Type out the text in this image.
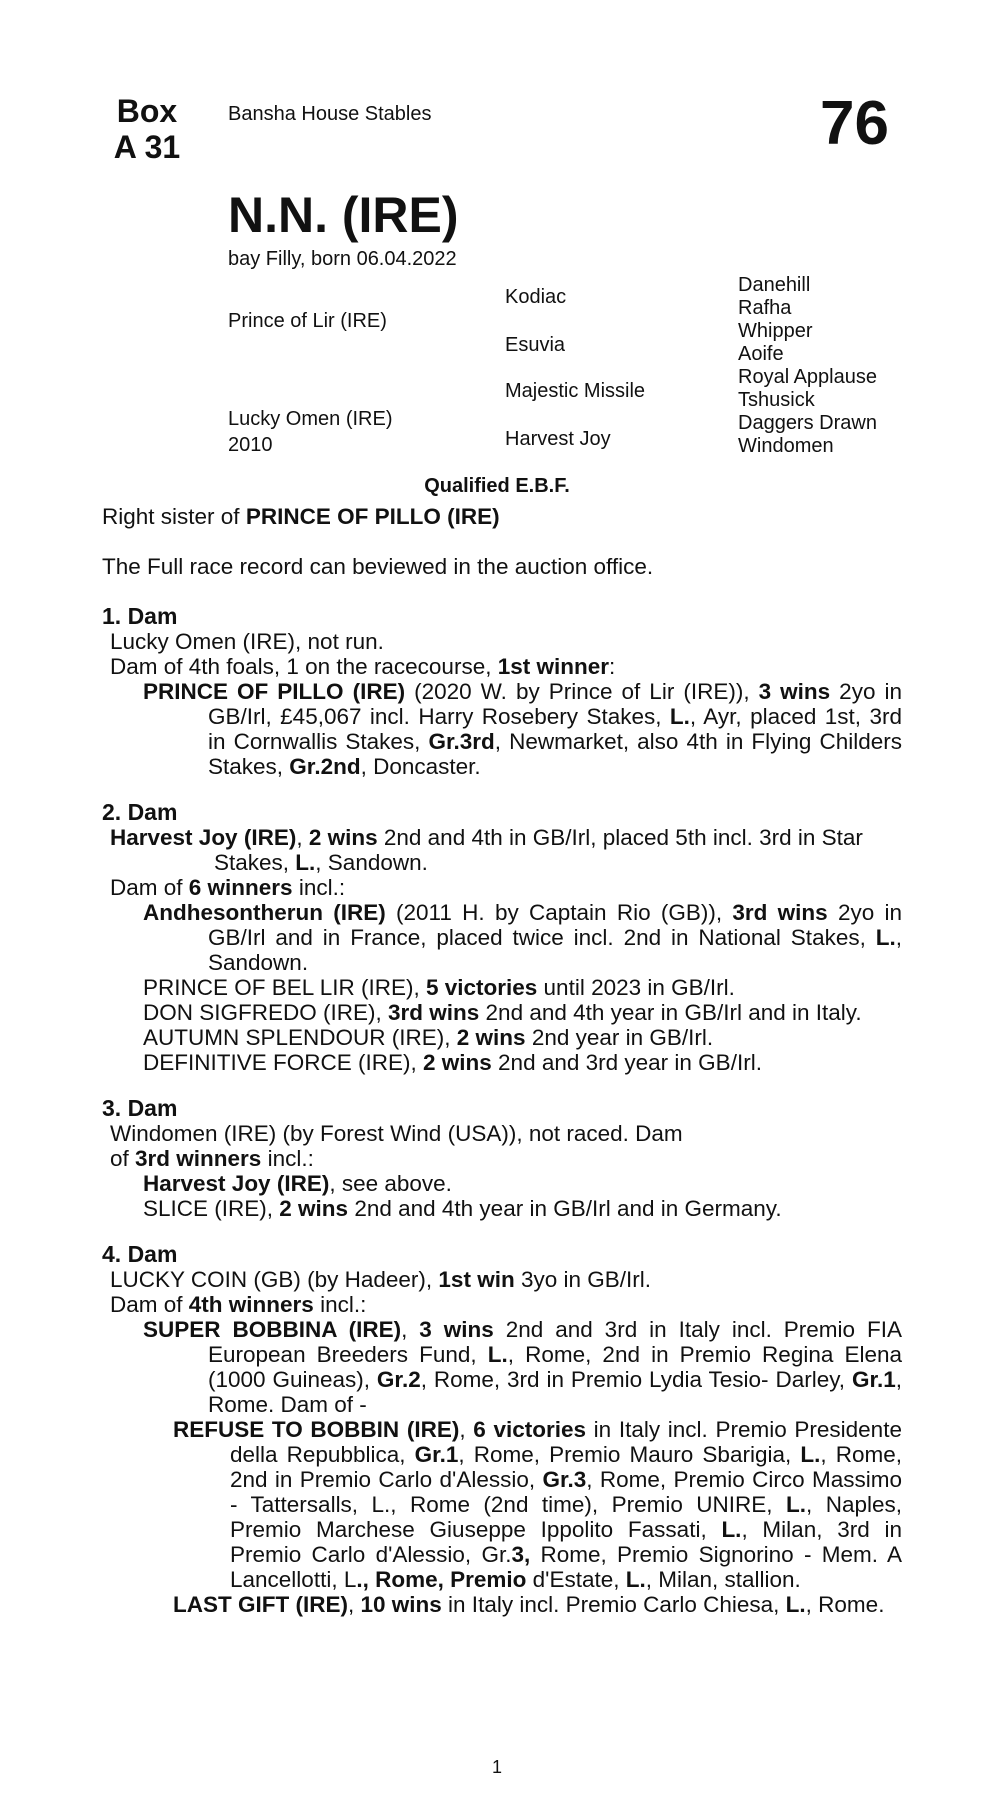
Box
A 31
Bansha House Stables	76
N.N. (IRE)
bay Filly, born 06.04.2022
Prince of Lir (IRE)
Lucky Omen (IRE)
2010
Kodiac
Esuvia
Majestic Missile
Harvest Joy
Danehill
Rafha
Whipper
Aoife
Royal Applause
Tshusick
Daggers Drawn
Windomen
Qualified E.B.F.

Right sister of PRINCE OF PILLO (IRE)

The Full race record can beviewed in the auction office.

1. Dam

Lucky Omen (IRE), not run.

Dam of 4th foals, 1 on the racecourse, 1st winner:

PRINCE OF PILLO (IRE) (2020 W. by Prince of Lir (IRE)), 3 wins 2yo in GB/Irl, £45,067 incl. Harry Rosebery Stakes, L., Ayr, placed 1st, 3rd in Cornwallis Stakes, Gr.3rd, Newmarket, also 4th in Flying Childers Stakes, Gr.2nd, Doncaster.

2. Dam

Harvest Joy (IRE), 2 wins 2nd and 4th in GB/Irl, placed 5th incl. 3rd in Star Stakes, L., Sandown.

Dam of 6 winners incl.:

Andhesontherun (IRE) (2011 H. by Captain Rio (GB)), 3rd wins 2yo in GB/Irl and in France, placed twice incl. 2nd in National Stakes, L., Sandown.

PRINCE OF BEL LIR (IRE), 5 victories until 2023 in GB/Irl.

DON SIGFREDO (IRE), 3rd wins 2nd and 4th year in GB/Irl and in Italy. AUTUMN SPLENDOUR (IRE), 2 wins 2nd year in GB/Irl.

DEFINITIVE FORCE (IRE), 2 wins 2nd and 3rd year in GB/Irl.

3. Dam

Windomen (IRE) (by Forest Wind (USA)), not raced. Dam

of 3rd winners incl.:

Harvest Joy (IRE), see above.

SLICE (IRE), 2 wins 2nd and 4th year in GB/Irl and in Germany.

4. Dam

LUCKY COIN (GB) (by Hadeer), 1st win 3yo in GB/Irl.

Dam of 4th winners incl.:

SUPER BOBBINA (IRE), 3 wins 2nd and 3rd in Italy incl. Premio FIA European Breeders Fund, L., Rome, 2nd in Premio Regina Elena (1000 Guineas), Gr.2, Rome, 3rd in Premio Lydia Tesio- Darley, Gr.1, Rome. Dam of -

REFUSE TO BOBBIN (IRE), 6 victories in Italy incl. Premio Presidente della Repubblica, Gr.1, Rome, Premio Mauro Sbarigia, L., Rome, 2nd in Premio Carlo d'Alessio, Gr.3, Rome, Premio Circo Massimo - Tattersalls, L., Rome (2nd time), Premio UNIRE, L., Naples, Premio Marchese Giuseppe Ippolito Fassati, L., Milan, 3rd in Premio Carlo d'Alessio, Gr.3, Rome, Premio Signorino - Mem. A Lancellotti, L., Rome, Premio d'Estate, L., Milan, stallion.

LAST GIFT (IRE), 10 wins in Italy incl. Premio Carlo Chiesa, L., Rome.

1
